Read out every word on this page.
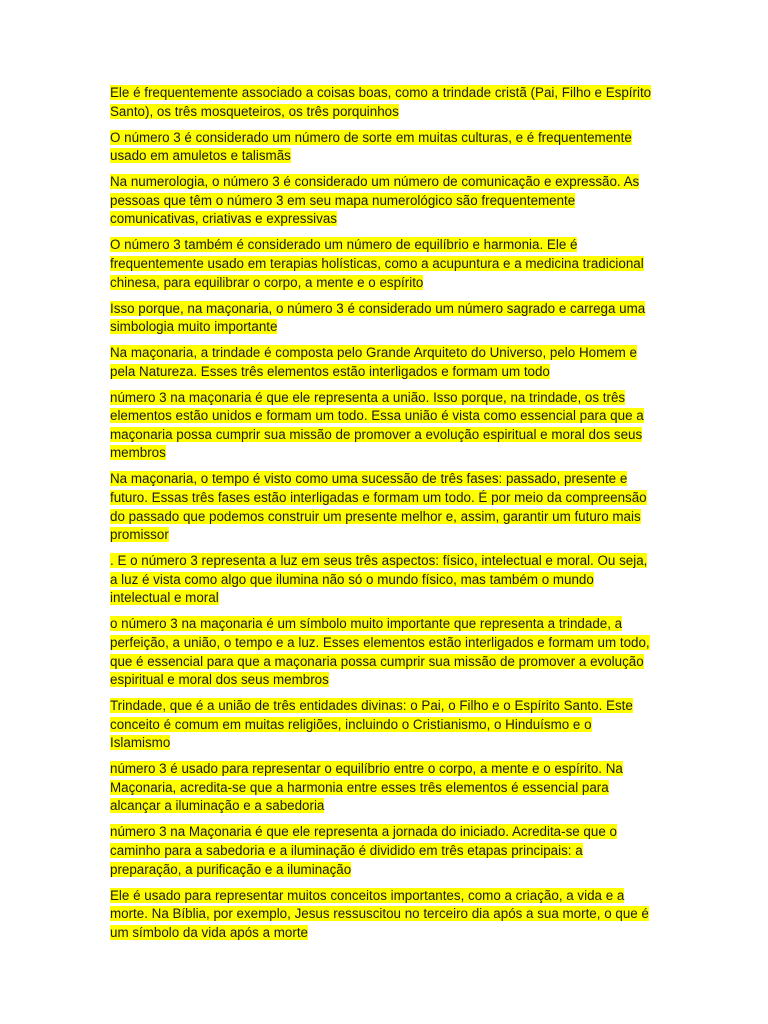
Ele é frequentemente associado a coisas boas, como a trindade cristã (Pai, Filho e Espírito Santo), os três mosqueteiros, os três porquinhos

O número 3 é considerado um número de sorte em muitas culturas, e é frequentemente usado em amuletos e talismãs

Na numerologia, o número 3 é considerado um número de comunicação e expressão. As pessoas que têm o número 3 em seu mapa numerológico são frequentemente comunicativas, criativas e expressivas

O número 3 também é considerado um número de equilíbrio e harmonia. Ele é frequentemente usado em terapias holísticas, como a acupuntura e a medicina tradicional chinesa, para equilibrar o corpo, a mente e o espírito

Isso porque, na maçonaria, o número 3 é considerado um número sagrado e carrega uma simbologia muito importante

Na maçonaria, a trindade é composta pelo Grande Arquiteto do Universo, pelo Homem e pela Natureza. Esses três elementos estão interligados e formam um todo

número 3 na maçonaria é que ele representa a união. Isso porque, na trindade, os três elementos estão unidos e formam um todo. Essa união é vista como essencial para que a maçonaria possa cumprir sua missão de promover a evolução espiritual e moral dos seus membros

Na maçonaria, o tempo é visto como uma sucessão de três fases: passado, presente e futuro. Essas três fases estão interligadas e formam um todo. É por meio da compreensão do passado que podemos construir um presente melhor e, assim, garantir um futuro mais promissor

. E o número 3 representa a luz em seus três aspectos: físico, intelectual e moral. Ou seja, a luz é vista como algo que ilumina não só o mundo físico, mas também o mundo intelectual e moral

o número 3 na maçonaria é um símbolo muito importante que representa a trindade, a perfeição, a união, o tempo e a luz. Esses elementos estão interligados e formam um todo, que é essencial para que a maçonaria possa cumprir sua missão de promover a evolução espiritual e moral dos seus membros

Trindade, que é a união de três entidades divinas: o Pai, o Filho e o Espírito Santo. Este conceito é comum em muitas religiões, incluindo o Cristianismo, o Hinduísmo e o Islamismo

número 3 é usado para representar o equilíbrio entre o corpo, a mente e o espírito. Na Maçonaria, acredita-se que a harmonia entre esses três elementos é essencial para alcançar a iluminação e a sabedoria

número 3 na Maçonaria é que ele representa a jornada do iniciado. Acredita-se que o caminho para a sabedoria e a iluminação é dividido em três etapas principais: a preparação, a purificação e a iluminação

Ele é usado para representar muitos conceitos importantes, como a criação, a vida e a morte. Na Bíblia, por exemplo, Jesus ressuscitou no terceiro dia após a sua morte, o que é um símbolo da vida após a morte
